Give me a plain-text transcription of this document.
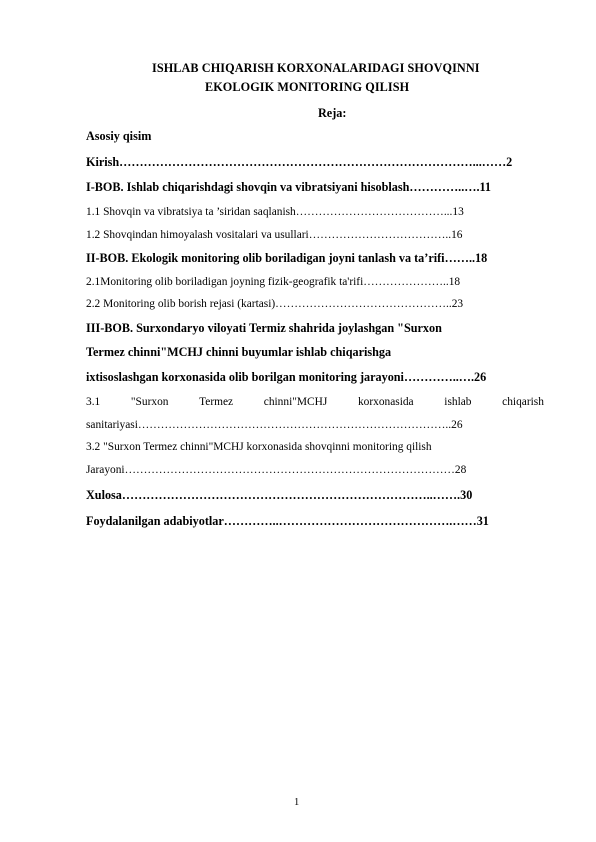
ISHLAB CHIQARISH KORXONALARIDAGI SHOVQINNI
EKOLOGIK MONITORING QILISH
Reja:
Asosiy qisim
Kirish……………………………………………………………………………...……2
I-BOB. Ishlab chiqarishdagi shovqin va vibratsiyani hisoblash…………..….11
1.1 Shovqin va vibratsiya ta ’siridan saqlanish…………………………………...13
1.2 Shovqindan himoyalash vositalari va usullari………………………………..16
II-BOB. Ekologik monitoring olib boriladigan joyni tanlash va ta’rifi……..18
2.1Monitoring olib boriladigan joyning fizik-geografik ta'rifi…………………..18
2.2 Monitoring olib borish rejasi (kartasi)………………………………………..23
III-BOB. Surxondaryo viloyati Termiz shahrida joylashgan "Surxon
Termez chinni"MCHJ chinni buyumlar ishlab chiqarishga
ixtisoslashgan korxonasida olib borilgan monitoring jarayoni…………..….26
3.1	"Surxon	Termez	chinni"MCHJ	korxonasida	ishlab	chiqarish
sanitariyasi………………………………………………………………………..26
3.2 "Surxon Termez chinni"MCHJ korxonasida shovqinni monitoring qilish
Jarayoni……………………………………………………………………………28
Xulosa…………………………………………………………………..…….30
Foydalanilgan adabiyotlar…………..…………………………………….……31
1
